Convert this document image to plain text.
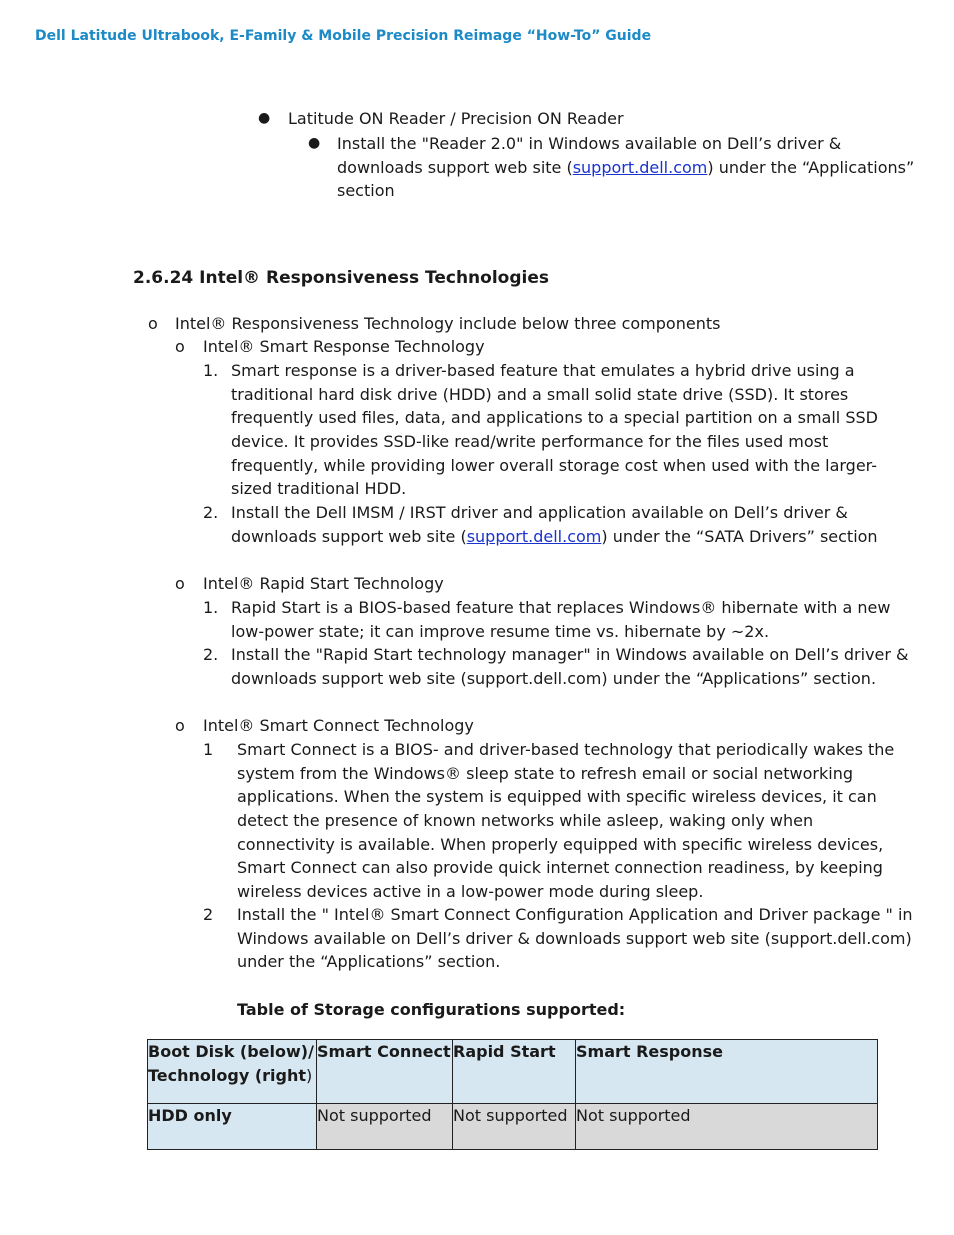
Dell Latitude Ultrabook, E-Family & Mobile Precision Reimage “How-To” Guide
● Latitude ON Reader / Precision ON Reader
● Install the "Reader 2.0" in Windows available on Dell’s driver &
downloads support web site (support.dell.com) under the “Applications”
section
2.6.24 Intel® Responsiveness Technologies
o Intel® Responsiveness Technology include below three components
o Intel® Smart Response Technology
1. Smart response is a driver-based feature that emulates a hybrid drive using a
traditional hard disk drive (HDD) and a small solid state drive (SSD). It stores
frequently used files, data, and applications to a special partition on a small SSD
device. It provides SSD-like read/write performance for the files used most
frequently, while providing lower overall storage cost when used with the larger-
sized traditional HDD.
2. Install the Dell IMSM / IRST driver and application available on Dell’s driver &
downloads support web site (support.dell.com) under the “SATA Drivers” section
o Intel® Rapid Start Technology
1. Rapid Start is a BIOS-based feature that replaces Windows® hibernate with a new
low-power state; it can improve resume time vs. hibernate by ~2x.
2. Install the "Rapid Start technology manager" in Windows available on Dell’s driver &
downloads support web site (support.dell.com) under the “Applications” section.
o Intel® Smart Connect Technology
1 Smart Connect is a BIOS- and driver-based technology that periodically wakes the
system from the Windows® sleep state to refresh email or social networking
applications. When the system is equipped with specific wireless devices, it can
detect the presence of known networks while asleep, waking only when
connectivity is available. When properly equipped with specific wireless devices,
Smart Connect can also provide quick internet connection readiness, by keeping
wireless devices active in a low-power mode during sleep.
2 Install the " Intel® Smart Connect Configuration Application and Driver package " in
Windows available on Dell’s driver & downloads support web site (support.dell.com)
under the “Applications” section.
Table of Storage configurations supported:
Boot Disk (below)/
Technology (right)	Smart Connect	Rapid Start	Smart Response
HDD only	Not supported	Not supported	Not supported
